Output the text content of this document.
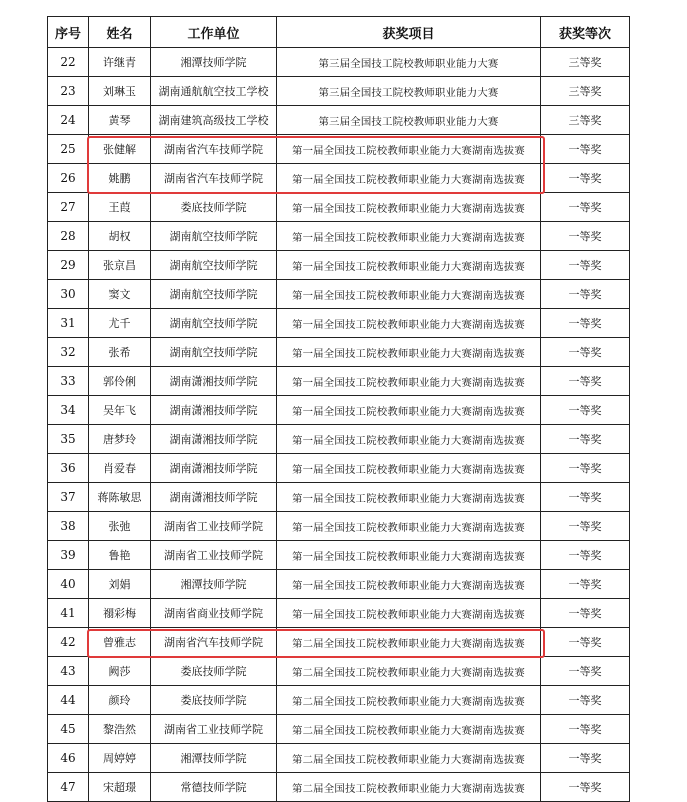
序号	姓名	工作单位	获奖项目	获奖等次
22	许继青	湘潭技师学院	第三届全国技工院校教师职业能力大赛	三等奖
23	刘琳玉	湖南通航航空技工学校	第三届全国技工院校教师职业能力大赛	三等奖
24	黄琴	湖南建筑高级技工学校	第三届全国技工院校教师职业能力大赛	三等奖
25	张健解	湖南省汽车技师学院	第一届全国技工院校教师职业能力大赛湖南选拔赛	一等奖
26	姚鹏	湖南省汽车技师学院	第一届全国技工院校教师职业能力大赛湖南选拔赛	一等奖
27	王葭	娄底技师学院	第一届全国技工院校教师职业能力大赛湖南选拔赛	一等奖
28	胡权	湖南航空技师学院	第一届全国技工院校教师职业能力大赛湖南选拔赛	一等奖
29	张京昌	湖南航空技师学院	第一届全国技工院校教师职业能力大赛湖南选拔赛	一等奖
30	窦文	湖南航空技师学院	第一届全国技工院校教师职业能力大赛湖南选拔赛	一等奖
31	尤千	湖南航空技师学院	第一届全国技工院校教师职业能力大赛湖南选拔赛	一等奖
32	张希	湖南航空技师学院	第一届全国技工院校教师职业能力大赛湖南选拔赛	一等奖
33	郭伶俐	湖南潇湘技师学院	第一届全国技工院校教师职业能力大赛湖南选拔赛	一等奖
34	吴年飞	湖南潇湘技师学院	第一届全国技工院校教师职业能力大赛湖南选拔赛	一等奖
35	唐梦玲	湖南潇湘技师学院	第一届全国技工院校教师职业能力大赛湖南选拔赛	一等奖
36	肖爱春	湖南潇湘技师学院	第一届全国技工院校教师职业能力大赛湖南选拔赛	一等奖
37	蒋陈敏思	湖南潇湘技师学院	第一届全国技工院校教师职业能力大赛湖南选拔赛	一等奖
38	张弛	湖南省工业技师学院	第一届全国技工院校教师职业能力大赛湖南选拔赛	一等奖
39	鲁艳	湖南省工业技师学院	第一届全国技工院校教师职业能力大赛湖南选拔赛	一等奖
40	刘娟	湘潭技师学院	第一届全国技工院校教师职业能力大赛湖南选拔赛	一等奖
41	禤彩梅	湖南省商业技师学院	第一届全国技工院校教师职业能力大赛湖南选拔赛	一等奖
42	曾雅志	湖南省汽车技师学院	第二届全国技工院校教师职业能力大赛湖南选拔赛	一等奖
43	阙莎	娄底技师学院	第二届全国技工院校教师职业能力大赛湖南选拔赛	一等奖
44	颜玲	娄底技师学院	第二届全国技工院校教师职业能力大赛湖南选拔赛	一等奖
45	黎浩然	湖南省工业技师学院	第二届全国技工院校教师职业能力大赛湖南选拔赛	一等奖
46	周婷婷	湘潭技师学院	第二届全国技工院校教师职业能力大赛湖南选拔赛	一等奖
47	宋超璟	常德技师学院	第二届全国技工院校教师职业能力大赛湖南选拔赛	一等奖
